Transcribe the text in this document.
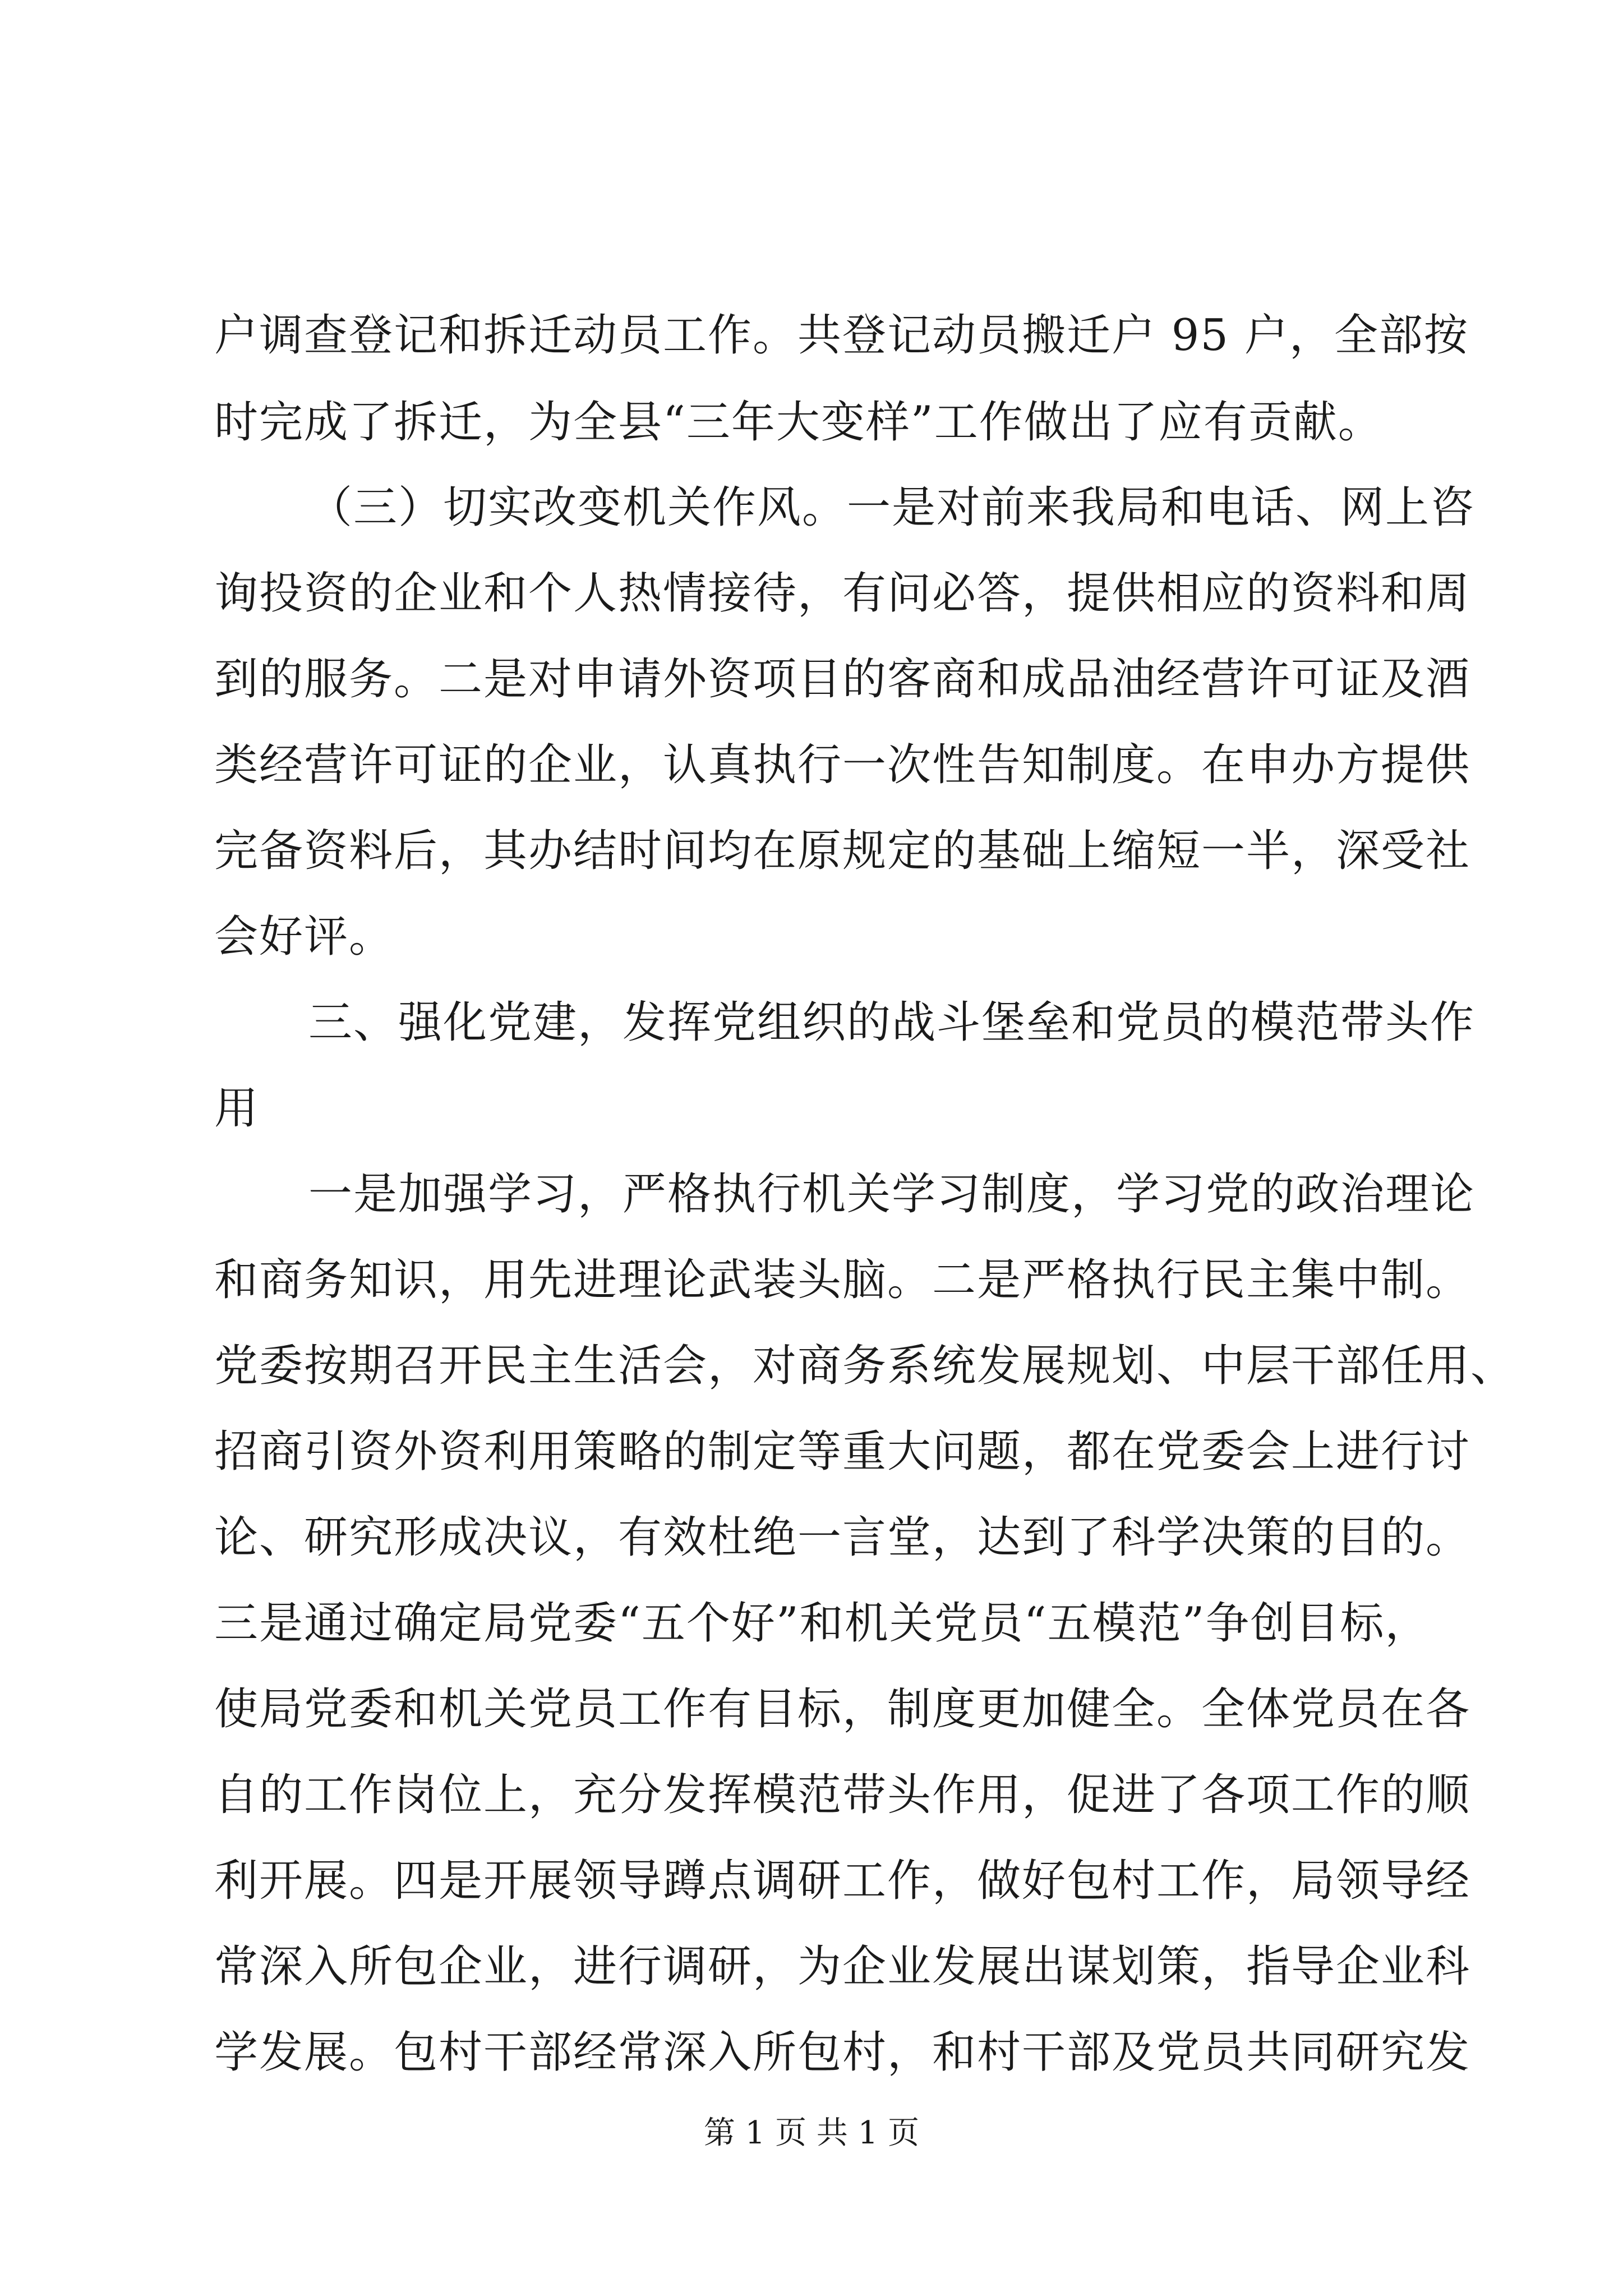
户调查登记和拆迁动员工作。共登记动员搬迁户 95 户，全部按
时完成了拆迁，为全县“三年大变样”工作做出了应有贡献。
（三）切实改变机关作风。一是对前来我局和电话、网上咨
询投资的企业和个人热情接待，有问必答，提供相应的资料和周
到的服务。二是对申请外资项目的客商和成品油经营许可证及酒
类经营许可证的企业，认真执行一次性告知制度。在申办方提供
完备资料后，其办结时间均在原规定的基础上缩短一半，深受社
会好评。
三、强化党建，发挥党组织的战斗堡垒和党员的模范带头作
用
一是加强学习，严格执行机关学习制度，学习党的政治理论
和商务知识，用先进理论武装头脑。二是严格执行民主集中制。
党委按期召开民主生活会，对商务系统发展规划、中层干部任用、
招商引资外资利用策略的制定等重大问题，都在党委会上进行讨
论、研究形成决议，有效杜绝一言堂，达到了科学决策的目的。
三是通过确定局党委“五个好”和机关党员“五模范”争创目标，
使局党委和机关党员工作有目标，制度更加健全。全体党员在各
自的工作岗位上，充分发挥模范带头作用，促进了各项工作的顺
利开展。四是开展领导蹲点调研工作，做好包村工作，局领导经
常深入所包企业，进行调研，为企业发展出谋划策，指导企业科
学发展。包村干部经常深入所包村，和村干部及党员共同研究发
第 1 页 共 1 页
